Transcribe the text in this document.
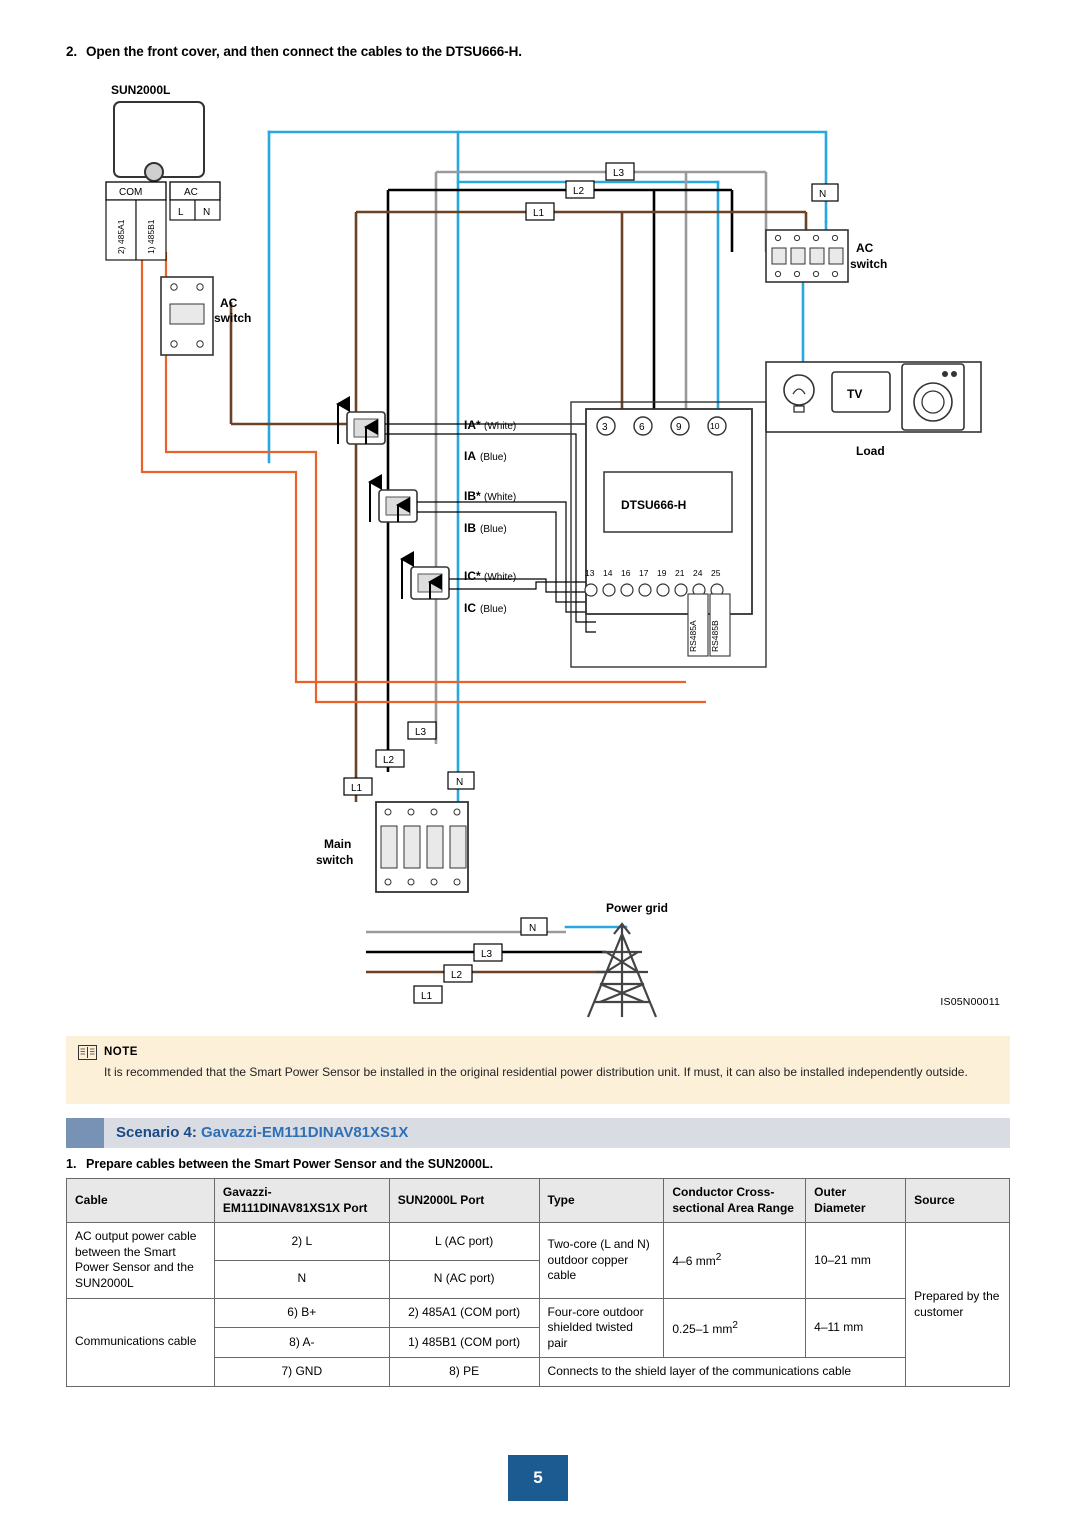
2. Open the front cover, and then connect the cables to the DTSU666-H.
SUN2000L
COM	AC
2) 485A1 1) 485B1
L N
AC
switch
L3
L2
L1
N
AC
switch
TV
Load
IA* (White)
IA (Blue)
IB* (White)
IB (Blue)
IC* (White)
IC (Blue)
DTSU666-H
3	6	9	10
13 14 16 17 19 21 24 25
RS485A RS485B
L3
L2
L1
N
Main
switch
N
L3
L2
L1
Power grid
IS05N00011
NOTE
It is recommended that the Smart Power Sensor be installed in the original residential power distribution unit. If must, it can also be installed independently outside.
Scenario 4: Gavazzi-EM111DINAV81XS1X
1. Prepare cables between the Smart Power Sensor and the SUN2000L.
Cable	Gavazzi-EM111DINAV81XS1X Port	SUN2000L Port	Type	Conductor Cross-sectional Area Range	Outer Diameter	Source
AC output power cable between the Smart Power Sensor and the SUN2000L	2) L	L (AC port)	Two-core (L and N) outdoor copper cable	4–6 $mm^2$	10–21 mm	Prepared by the customer
	N	N (AC port)				
Communications cable	6) B+	2) 485A1 (COM port)	Four-core outdoor shielded twisted pair	0.25–1 $mm^2$	4–11 mm	
	8) A-	1) 485B1 (COM port)				
	7) GND	8) PE	Connects to the shield layer of the communications cable			
5
